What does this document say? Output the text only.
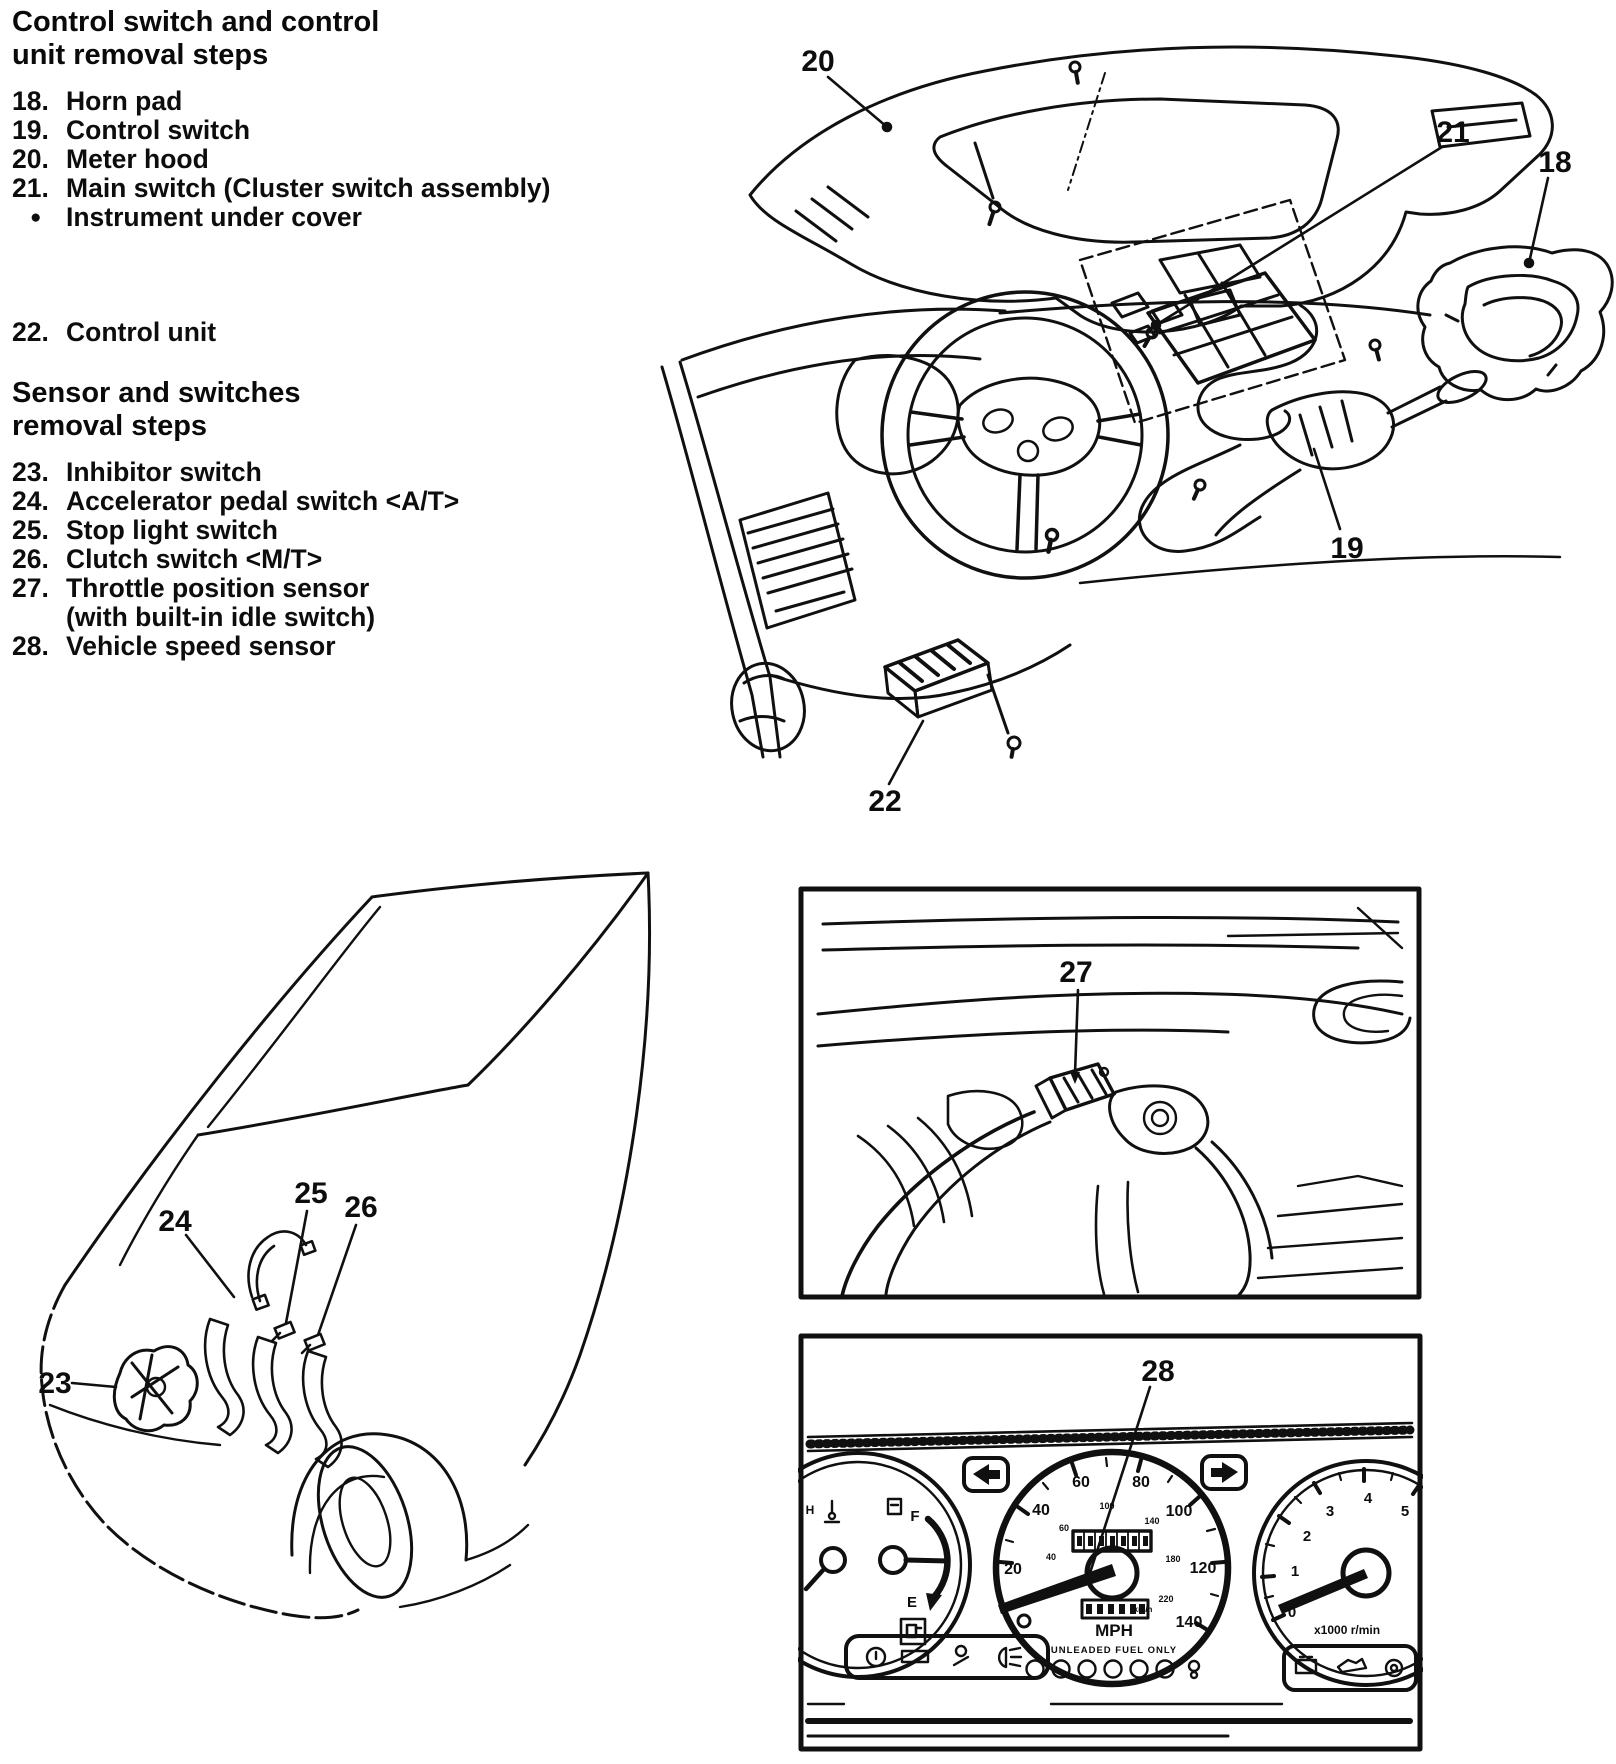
Control switch and control unit removal steps
18. Horn pad
19. Control switch
20. Meter hood
21. Main switch (Cluster switch assembly)
● Instrument under cover
22. Control unit
Sensor and switches removal steps
23. Inhibitor switch
24. Accelerator pedal switch <A/T>
25. Stop light switch
26. Clutch switch <M/T>
27. Throttle position sensor
(with built-in idle switch)
28. Vehicle speed sensor
20
21
18
19
22
23
24
25 26
27
28
20
40
60	80
100
120
140
40
60
100
140
180
220
km/h
MPH
UNLEADED FUEL ONLY
F
E
H
0
1
2
3
4
5
x1000 r/min
